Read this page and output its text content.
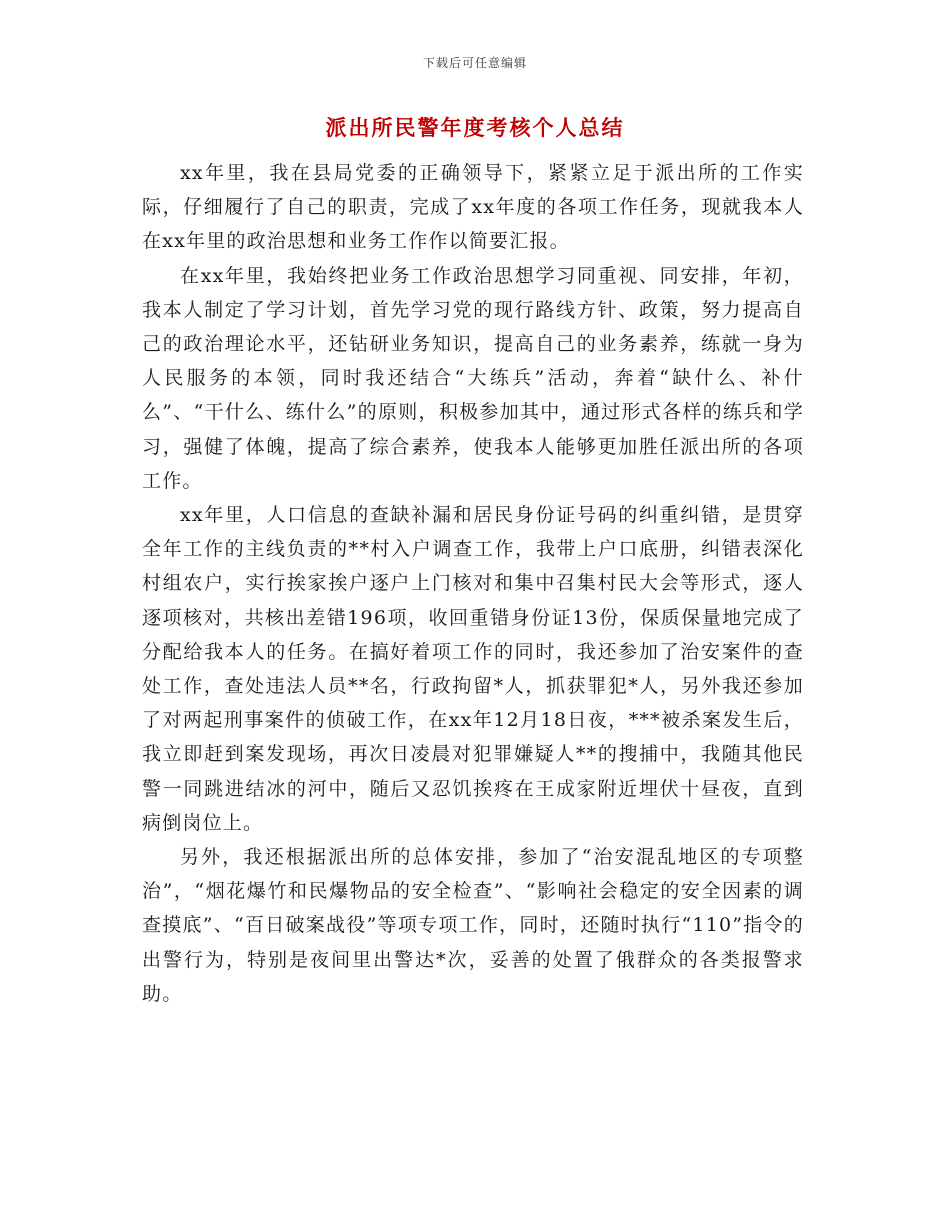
下载后可任意编辑
派出所民警年度考核个人总结

xx年里，我在县局党委的正确领导下，紧紧立足于派出所的工作实际，仔细履行了自己的职责，完成了xx年度的各项工作任务，现就我本人在xx年里的政治思想和业务工作作以简要汇报。

在xx年里，我始终把业务工作政治思想学习同重视、同安排，年初，我本人制定了学习计划，首先学习党的现行路线方针、政策，努力提高自己的政治理论水平，还钻研业务知识，提高自己的业务素养，练就一身为人民服务的本领，同时我还结合“大练兵”活动，奔着“缺什么、补什么”、“干什么、练什么”的原则，积极参加其中，通过形式各样的练兵和学习，强健了体魄，提高了综合素养，使我本人能够更加胜任派出所的各项工作。

xx年里，人口信息的查缺补漏和居民身份证号码的纠重纠错，是贯穿全年工作的主线负责的**村入户调查工作，我带上户口底册，纠错表深化村组农户，实行挨家挨户逐户上门核对和集中召集村民大会等形式，逐人逐项核对，共核出差错196项，收回重错身份证13份，保质保量地完成了分配给我本人的任务。在搞好着项工作的同时，我还参加了治安案件的查处工作，查处违法人员**名，行政拘留*人，抓获罪犯*人，另外我还参加了对两起刑事案件的侦破工作，在xx年12月18日夜，***被杀案发生后，我立即赶到案发现场，再次日凌晨对犯罪嫌疑人**的搜捕中，我随其他民警一同跳进结冰的河中，随后又忍饥挨疼在王成家附近埋伏十昼夜，直到病倒岗位上。

另外，我还根据派出所的总体安排，参加了“治安混乱地区的专项整治”，“烟花爆竹和民爆物品的安全检查”、“影响社会稳定的安全因素的调查摸底”、“百日破案战役”等项专项工作，同时，还随时执行“110”指令的出警行为，特别是夜间里出警达*次，妥善的处置了俄群众的各类报警求助。
